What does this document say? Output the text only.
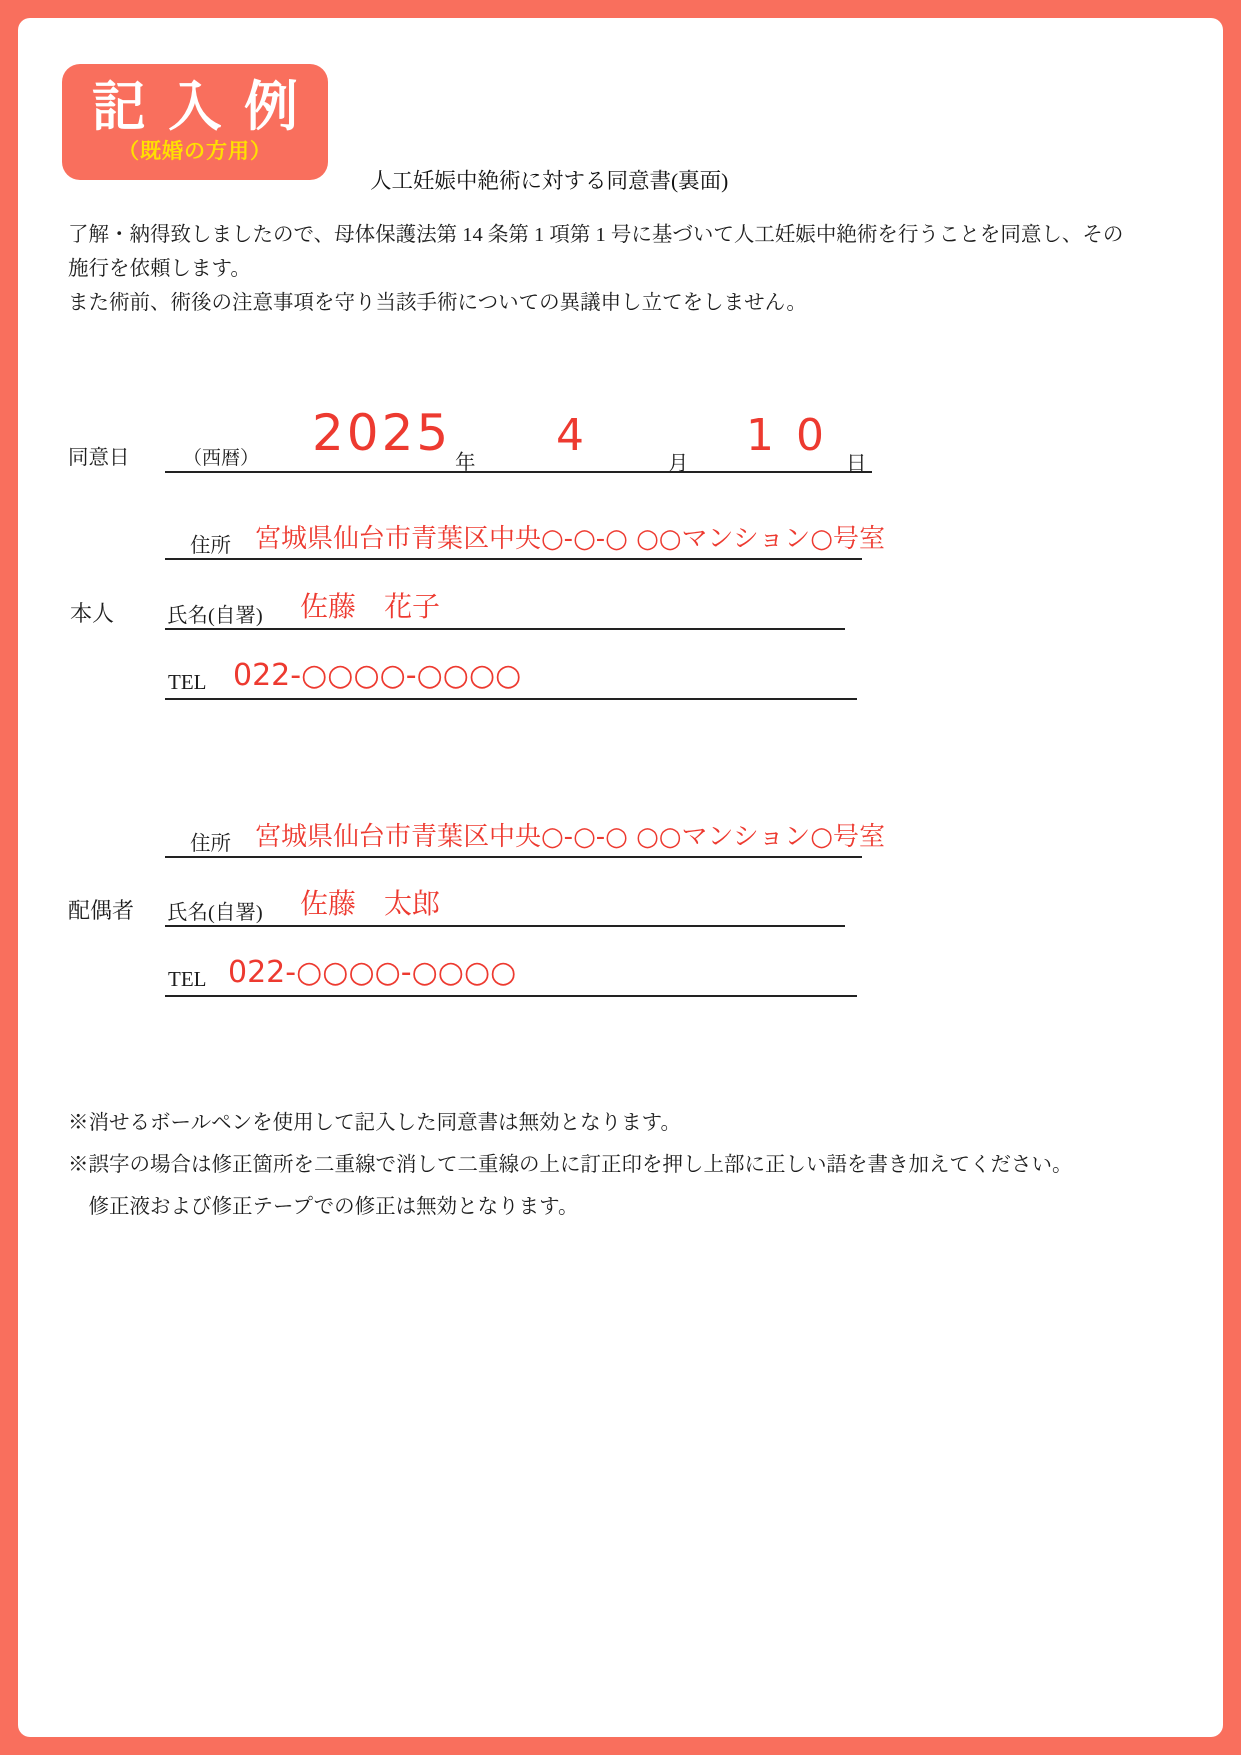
記入例
（既婚の方用）
人工妊娠中絶術に対する同意書(裏面)
了解・納得致しましたので、母体保護法第 14 条第 1 項第 1 号に基づいて人工妊娠中絶術を行うことを同意し、その
施行を依頼します。
また術前、術後の注意事項を守り当該手術についての異議申し立てをしません。
同意日	（西暦） 2025
年
4
月
10
日
住所 宮城県仙台市青葉区中央○-○-○ ○○マンション○号室
本人	氏名(自署) 佐藤　花子
TEL 022-○○○○-○○○○
住所 宮城県仙台市青葉区中央○-○-○ ○○マンション○号室
配偶者 氏名(自署) 佐藤　太郎
TEL 022-○○○○-○○○○
※消せるボールペンを使用して記入した同意書は無効となります。
※誤字の場合は修正箇所を二重線で消して二重線の上に訂正印を押し上部に正しい語を書き加えてください。
　修正液および修正テープでの修正は無効となります。
